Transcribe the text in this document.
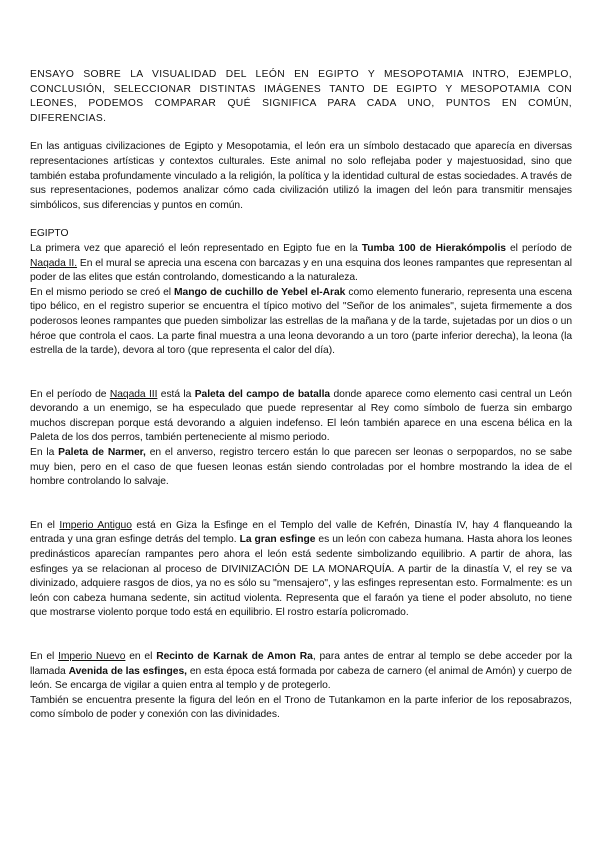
ENSAYO SOBRE LA VISUALIDAD DEL LEÓN EN EGIPTO Y MESOPOTAMIA INTRO, EJEMPLO, CONCLUSIÓN, SELECCIONAR DISTINTAS IMÁGENES TANTO DE EGIPTO Y MESOPOTAMIA CON LEONES, PODEMOS COMPARAR QUÉ SIGNIFICA PARA CADA UNO, PUNTOS EN COMÚN, DIFERENCIAS.

En las antiguas civilizaciones de Egipto y Mesopotamia, el león era un símbolo destacado que aparecía en diversas representaciones artísticas y contextos culturales. Este animal no solo reflejaba poder y majestuosidad, sino que también estaba profundamente vinculado a la religión, la política y la identidad cultural de estas sociedades. A través de sus representaciones, podemos analizar cómo cada civilización utilizó la imagen del león para transmitir mensajes simbólicos, sus diferencias y puntos en común.

EGIPTO

La primera vez que apareció el león representado en Egipto fue en la Tumba 100 de Hierakómpolis el período de Naqada II. En el mural se aprecia una escena con barcazas y en una esquina dos leones rampantes que representan al poder de las elites que están controlando, domesticando a la naturaleza.

En el mismo periodo se creó el Mango de cuchillo de Yebel el-Arak como elemento funerario, representa una escena tipo bélico, en el registro superior se encuentra el típico motivo del "Señor de los animales", sujeta firmemente a dos poderosos leones rampantes que pueden simbolizar las estrellas de la mañana y de la tarde, sujetadas por un dios o un héroe que controla el caos. La parte final muestra a una leona devorando a un toro (parte inferior derecha), la leona (la estrella de la tarde), devora al toro (que representa el calor del día).

En el período de Naqada III está la Paleta del campo de batalla donde aparece como elemento casi central un León devorando a un enemigo, se ha especulado que puede representar al Rey como símbolo de fuerza sin embargo muchos discrepan porque está devorando a alguien indefenso. El león también aparece en una escena bélica en la Paleta de los dos perros, también perteneciente al mismo periodo.

En la Paleta de Narmer, en el anverso, registro tercero están lo que parecen ser leonas o serpopardos, no se sabe muy bien, pero en el caso de que fuesen leonas están siendo controladas por el hombre mostrando la idea de el hombre controlando lo salvaje.

En el Imperio Antiguo está en Giza la Esfinge en el Templo del valle de Kefrén, Dinastía IV, hay 4 flanqueando la entrada y una gran esfinge detrás del templo. La gran esfinge es un león con cabeza humana. Hasta ahora los leones predinásticos aparecían rampantes pero ahora el león está sedente simbolizando equilibrio. A partir de ahora, las esfinges ya se relacionan al proceso de DIVINIZACIÓN DE LA MONARQUÍA. A partir de la dinastía V, el rey se va divinizado, adquiere rasgos de dios, ya no es sólo su "mensajero", y las esfinges representan esto. Formalmente: es un león con cabeza humana sedente, sin actitud violenta. Representa que el faraón ya tiene el poder absoluto, no tiene que mostrarse violento porque todo está en equilibrio. El rostro estaría policromado.

En el Imperio Nuevo en el Recinto de Karnak de Amon Ra, para antes de entrar al templo se debe acceder por la llamada Avenida de las esfinges, en esta época está formada por cabeza de carnero (el animal de Amón) y cuerpo de león. Se encarga de vigilar a quien entra al templo y de protegerlo.

También se encuentra presente la figura del león en el Trono de Tutankamon en la parte inferior de los reposabrazos, como símbolo de poder y conexión con las divinidades.
